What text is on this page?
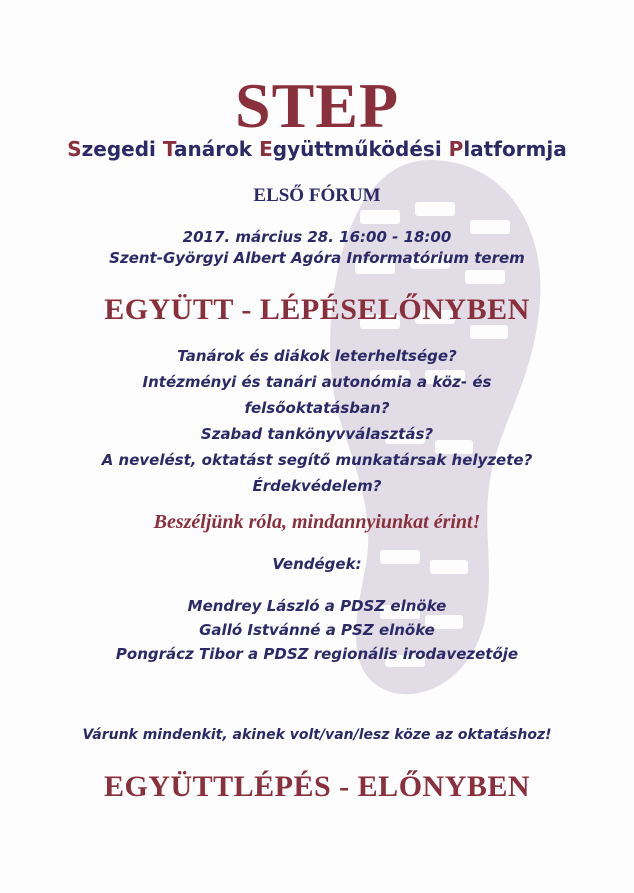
STEP
Szegedi Tanárok Együttműködési Platformja
ELSŐ FÓRUM
2017. március 28. 16:00 - 18:00
Szent-Györgyi Albert Agóra Informatórium terem
EGYÜTT - LÉPÉSELŐNYBEN
Tanárok és diákok leterheltsége?
Intézményi és tanári autonómia a köz- és
felsőoktatásban?
Szabad tankönyvválasztás?
A nevelést, oktatást segítő munkatársak helyzete?
Érdekvédelem?
Beszéljünk róla, mindannyiunkat érint!
Vendégek:
Mendrey László a PDSZ elnöke
Galló Istvánné a PSZ elnöke
Pongrácz Tibor a PDSZ regionális irodavezetője
Várunk mindenkit, akinek volt/van/lesz köze az oktatáshoz!
EGYÜTTLÉPÉS - ELŐNYBEN
